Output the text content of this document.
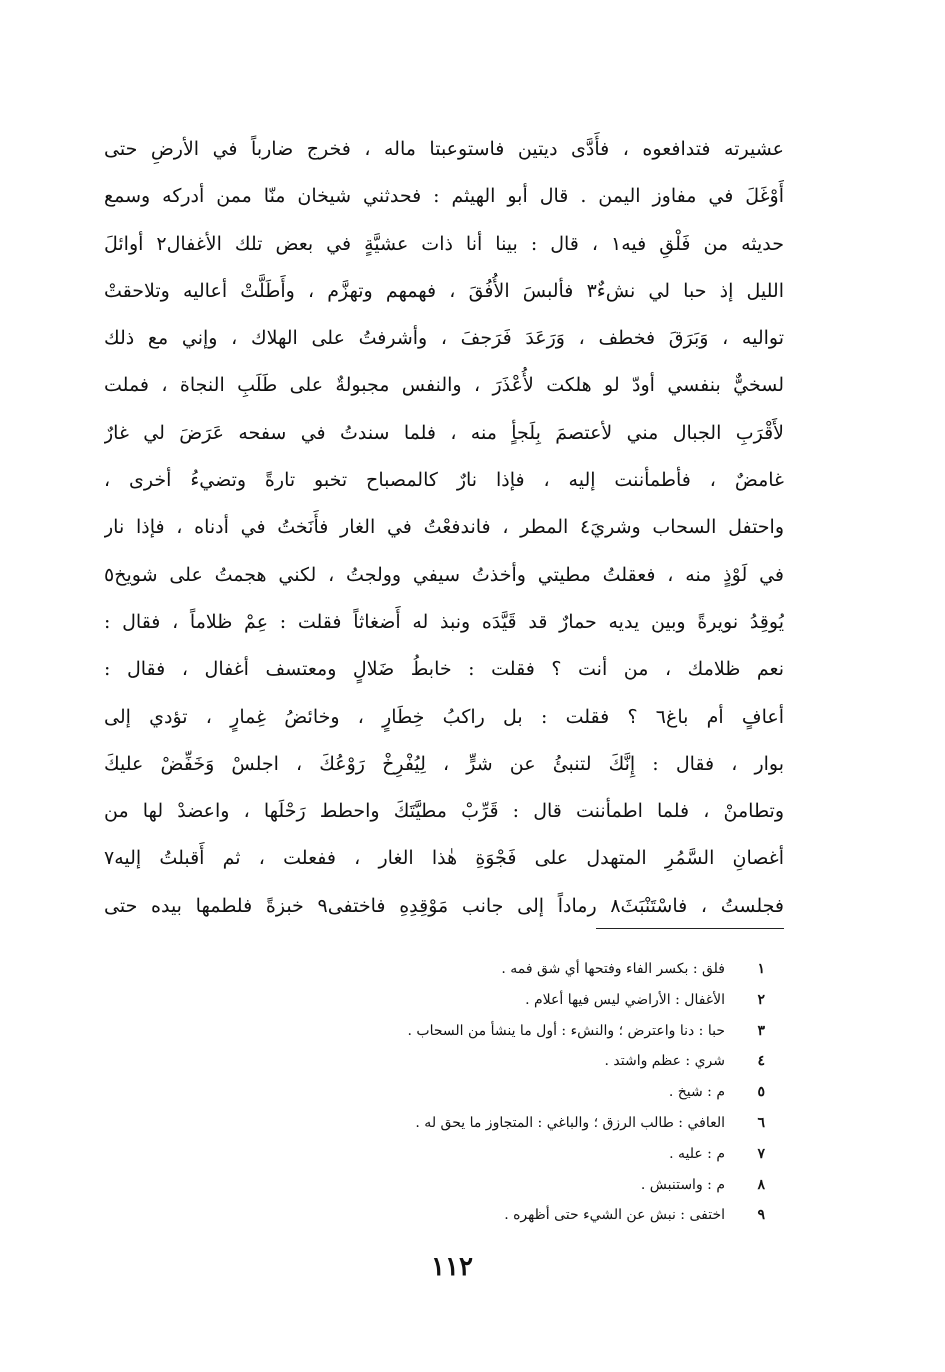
عشيرته فتدافعوه ، فأَدَّى ديتين فاستوعبتا ماله ، فخرج ضارباً في الأرضِ حتى
أَوْغَلَ في مفاوز اليمن . قال أبو الهيثم : فحدثني شيخان منّا ممن أدركه وسمع
حديثه من فَلْقِ فيه١ ، قال : بينا أنا ذات عشيَّةٍ في بعض تلك الأغفال٢ أوائلَ
الليل إذ حبا لي نشءٌ٣ فألبسَ الأُفُقَ ، فهمهم وتهزَّم ، وأَطَلَّتْ أعاليه وتلاحقتْ
تواليه ، وَبَرَقَ فخطف ، وَرَعَدَ فَرَجفَ ، وأشرفتُ على الهلاك ، وإني مع ذلك
لسخيٌّ بنفسي أودّ لو هلكت لأُعْذَرَ ، والنفس مجبولةٌ على طَلَبِ النجاة ، فملت
لأَقْرَبِ الجبال مني لأعتصمَ بِلَجأٍ منه ، فلما سندتُ في سفحه عَرَضَ لي غارٌ
غامضٌ ، فأطمأننت إليه ، فإذا نارٌ كالمصباح تخبو تارةً وتضيءُ أخرى ،
واحتفل السحاب وشريَ٤ المطر ، فاندفعْتُ في الغار فأَنَختُ في أدناه ، فإذا نار
في لَوْذٍ منه ، فعقلتُ مطيتي وأخذتُ سيفي وولجتُ ، لكني هجمتُ على شويخ٥
يُوقِدُ نويرةً وبين يديه حمارٌ قد قَيَّدَه ونبذ له أَضغاثاً فقلت : عِمْ ظلاماً ، فقال :
نعم ظلامك ، من أنت ؟ فقلت : خابطُ ضَلالٍ ومعتسف أغفال ، فقال :
أعافٍ أم باغ٦ ؟ فقلت : بل راكبُ خِطَارٍ ، وخائضُ غِمارٍ ، تؤدي إلى
بوار ، فقال : إِنَّكَ لتنبئُ عن شرٍّ ، لِيُفْرِخْ رَوْعُكَ ، اجلسْ وَخَفِّضْ عليكَ
وتطامنْ ، فلما اطمأننت قال : قَرِّبْ مطيَّتَكَ واحطط رَحْلَها ، واعضدْ لها من
أغصانِ السَّمُرِ المتهدل على فَجْوَةِ هٰذا الغار ، ففعلت ، ثم أَقبلتُ إليه٧
فجلستُ ، فاسْتَنْبَثَ٨ رماداً إلى جانب مَوْقِدِهِ فاختفى٩ خبزةً فلطمها بيده حتى
١
فلق : بكسر الفاء وفتحها أي شق فمه .
٢
الأغفال : الأراضي ليس فيها أعلام .
٣
حبا : دنا واعترض ؛ والنشء : أول ما ينشأ من السحاب .
٤
شري : عظم واشتد .
٥
م : شيخ .
٦
العافي : طالب الرزق ؛ والباغي : المتجاوز ما يحق له .
٧
م : عليه .
٨
م : واستنبش .
٩
اختفى : نبش عن الشيء حتى أظهره .
١١٢
